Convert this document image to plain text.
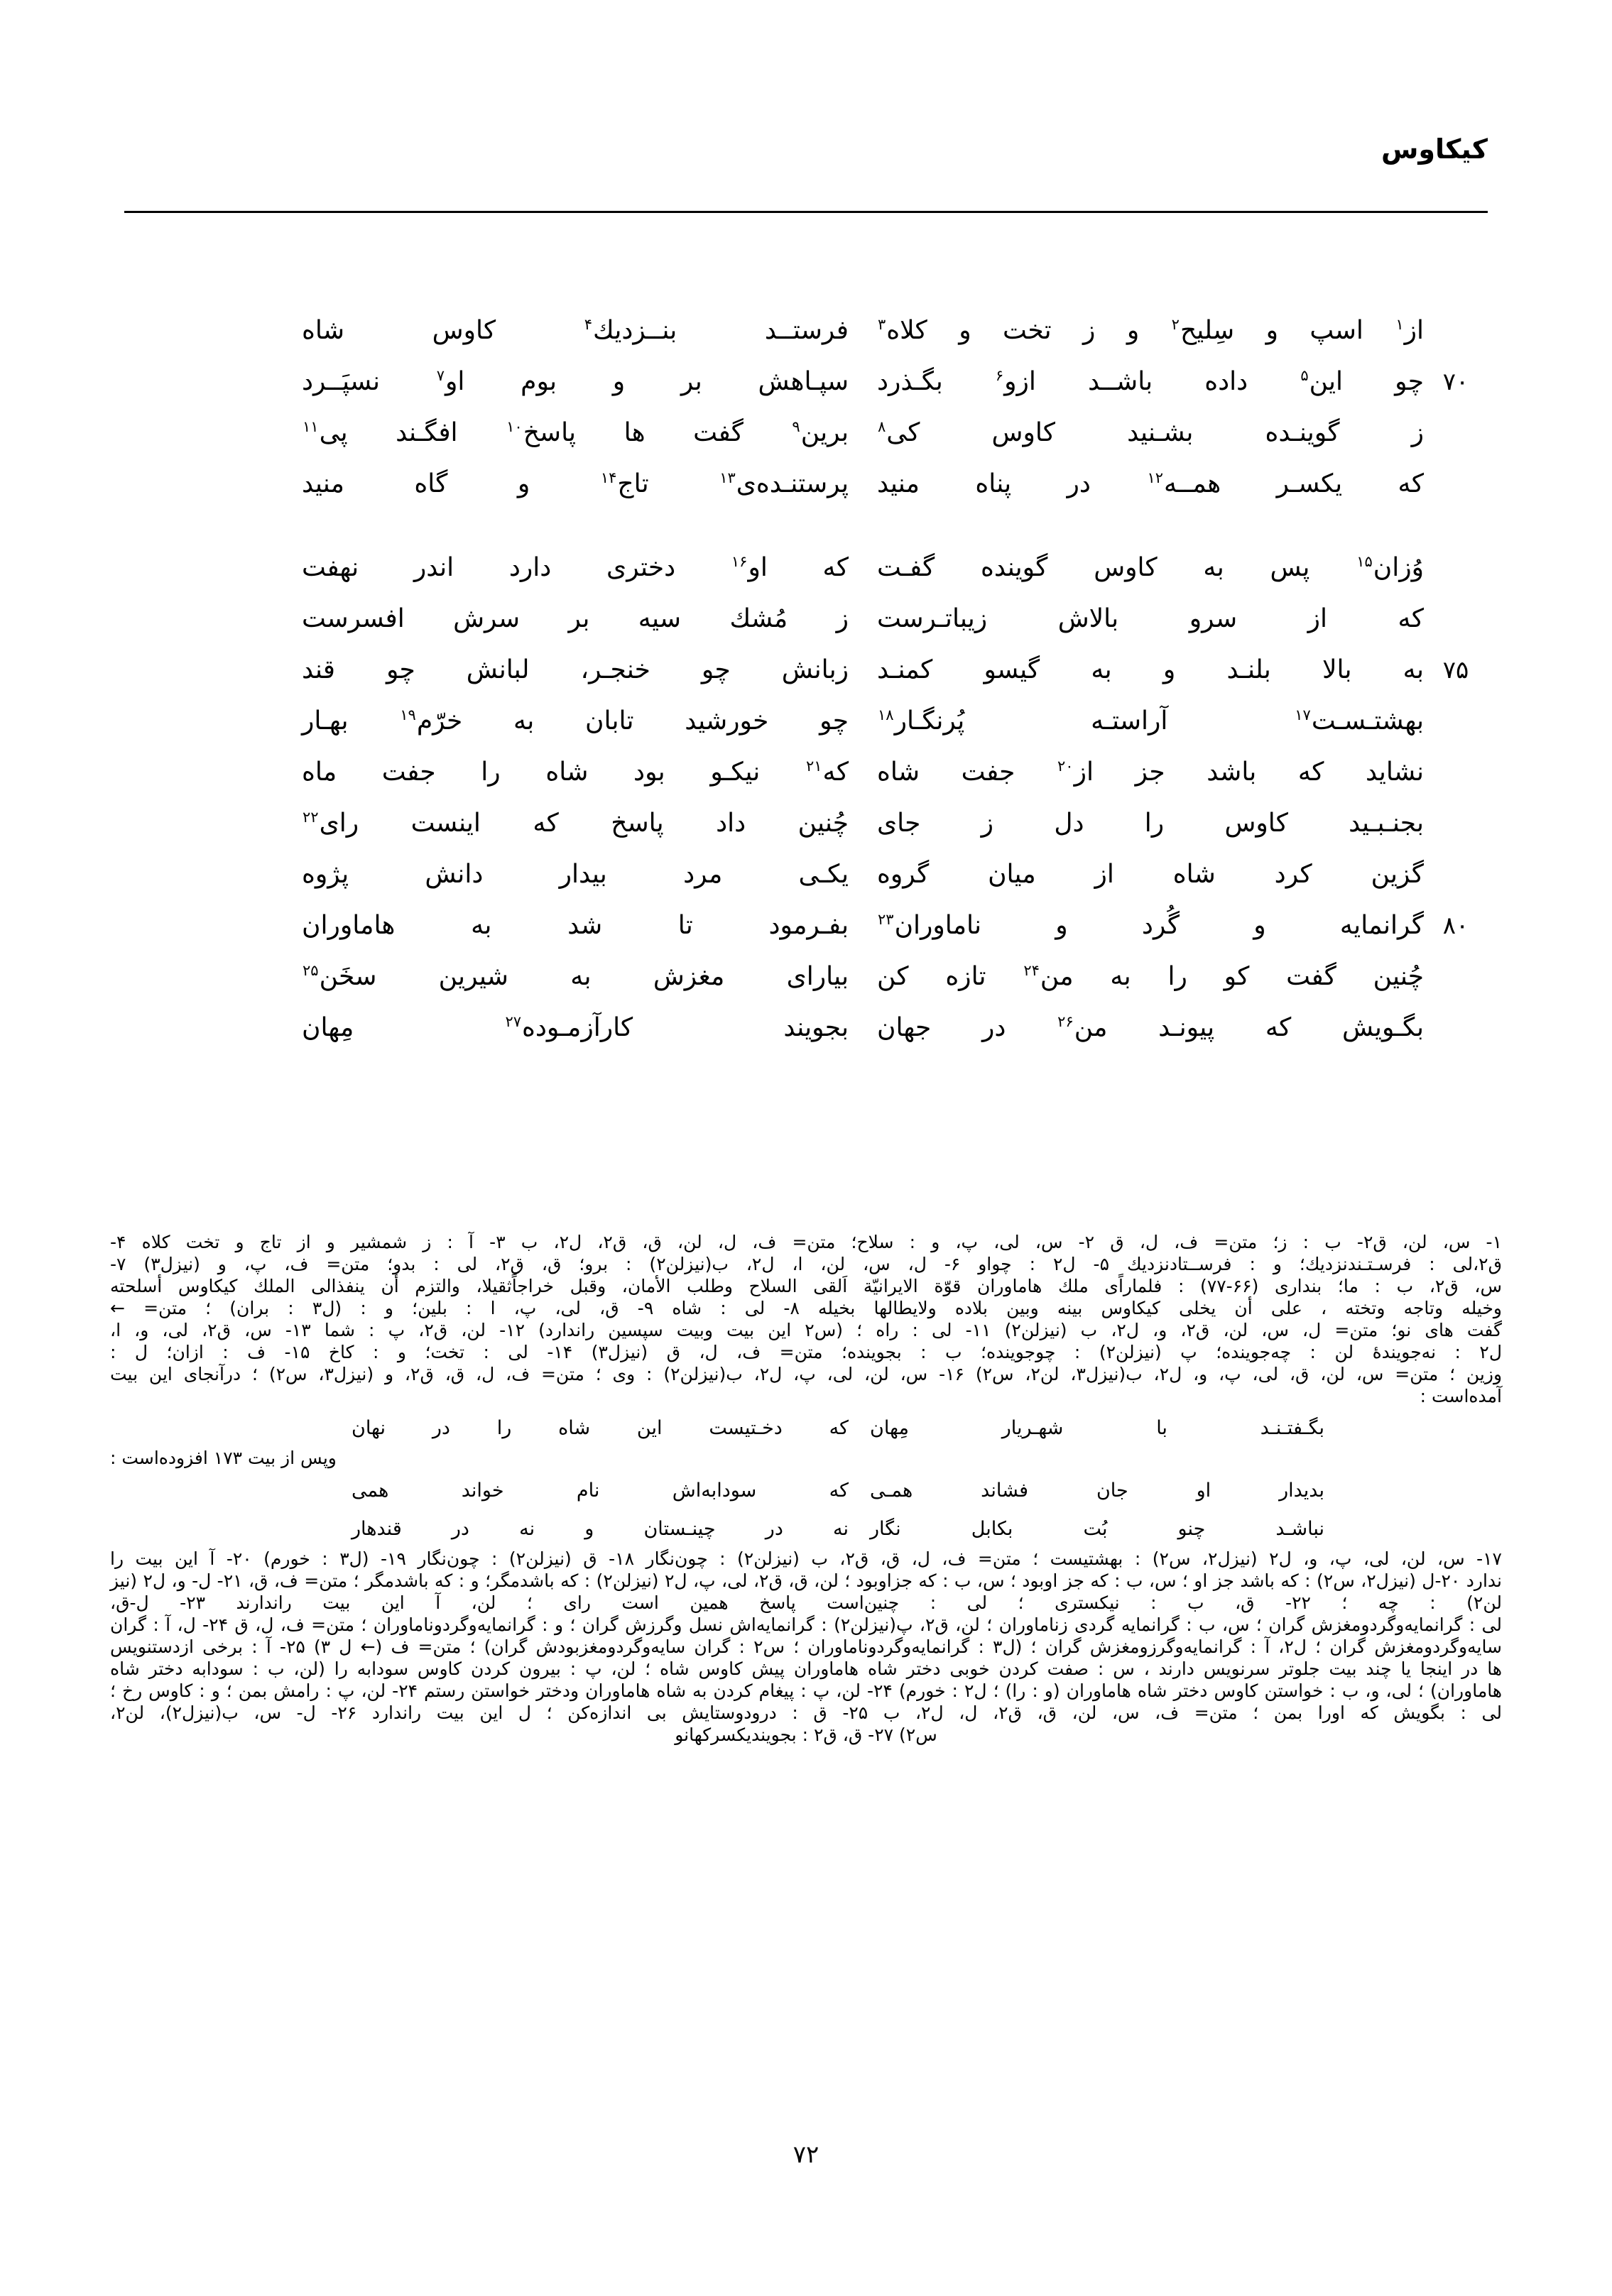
کیکاوس
از$^۱$ اسپ و سِلیح$^۲$ و ز تخت و کلاه$^۳$
فرستــد بنــزدیك$^۴$ كاوس شاه
۷۰
چو این$^۵$ داده باشــد ازو$^۶$ بگـذرد
سپـاهش بر و بوم او$^۷$ نسپَــرد
ز گوینـده بشـنید كاوس كی$^۸$
برین$^۹$ گفت ها پاسخ$^{۱۰}$ افگـند پی$^{۱۱}$
كه یكسـر همــه$^{۱۲}$ در پناه منید
پرستنـده‌ی$^{۱۳}$ تاج$^{۱۴}$ و گاه منید
وُزان$^{۱۵}$ پس به كاوس گوینده گفـت
كه او$^{۱۶}$ دختری دارد اندر نهفت
كه از سرو بالاش زیباتـرست
ز مُشك سیه بر سرش افسرست
۷۵
به بالا بلنـد و به گیسو كمنـد
زبانش چو خنجـر، لبانش چو قند
بهشتـسـت$^{۱۷}$ آراستـه پُرنگـار$^{۱۸}$
چو خورشید تابان به خرّم$^{۱۹}$ بهـار
نشاید كه باشد جز از$^{۲۰}$ جفت شاه
كه$^{۲۱}$ نیكـو بود شاه را جفت ماه
بجنـبـید كاوس را دل ز جای
چُنین داد پاسخ كه اینست رای$^{۲۲}$
گزین كرد شاه از میان گروه
یكـی مرد بیدار دانش پژوه
۸۰
گرانمایه و گُرد و ناماوران$^{۲۳}$
بفـرمود تا شد به هاماوران
چُنین گفت كو را به من$^{۲۴}$ تازه كن
بیارای مغزش به شیرین سخَن$^{۲۵}$
بگـویش كه پیونـد من$^{۲۶}$ در جهان
بجویند كارآزمـوده$^{۲۷}$ مِهان
۱- س، لن، ق۲- ب : ز؛ متن= ف، ل، ق ۲- س، لی، پ، و : سلاح؛ متن= ف، ل، لن، ق، ق۲، ل۲، ب ۳- آ : ز شمشیر و از تاج و تخت كلاه ۴-
ق۲،لی : فرسـتـندنزدیك؛ و : فرســتادنزدیك ۵- ل۲ : چواو ۶- ل، س، لن، ا، ل۲، ب(نیزلن۲) : برو؛ ق، ق۲، لی : بدو؛ متن= ف، پ، و (نیزل۳) ۷-
س، ق۲، ب : ما؛ بنداری (۶۶-۷۷) : فلماراًی ملك هاماوران قوّة الایرانیّة اَلقی السلاح وطلب الأمان، وقبل خراجاًثقیلا، والتزم أن ینفذالی الملك كیكاوس أسلحته
وخیله وتاجه وتخته ، علی أن یخلی كیكاوس بینه وبین بلاده ولایطالها بخیله ۸- لی : شاه ۹- ق، لی، پ، ا : بلین؛ و : (ل۳ : بران) ؛ متن= ←
گفت های نو؛ متن= ل، س، لن، ق۲، و، ل۲، ب (نیزلن۲) ۱۱- لی : راه ؛ (س۲ این بیت وبیت سپسین راندارد) ۱۲- لن، ق۲، پ : شما ۱۳- س، ق۲، لی، و، ا،
ل۲ : نه‌جوینده‌ٔ لن : چه‌جوینده؛ پ (نیزلن۲) : چوجوینده؛ ب : بجوینده؛ متن= ف، ل، ق (نیزل۳) ۱۴- لی : تخت؛ و : كاخ ۱۵- ف : ازان؛ ل :
وزین ؛ متن= س، لن، ق، لی، پ، و، ل۲، ب(نیزل۳، لن۲، س۲) ۱۶- س، لن، لی، پ، ل۲، ب(نیزلن۲) : وی ؛ متن= ف، ل، ق، ق۲، و (نیزل۳، س۲) ؛ درآنجای این بیت
آمده‌است :
بگـفتـنـد با شهـریار مِهان
كه دخـتیست این شاه را در نهان
وپس از بیت ۱۷۳ افزوده‌است :
بدیدار او جان فشاند همـی
كه سودابه‌اش نام خواند همی
نباشـد چنو بُت بكابل نگار
نه در چینـستان و نه در قندهار
۱۷- س، لن، لی، پ، و، ل۲ (نیزل۲، س۲) : بهشتیست ؛ متن= ف، ل، ق، ق۲، ب (نیزلن۲) : چون‌نگار ۱۸- ق (نیزلن۲) : چون‌نگار ۱۹- (ل۳ : خورم) ۲۰- آ این بیت را
ندارد ۲۰-ل (نیزل۲، س۲) : كه باشد جز او ؛ س، ب : كه جز اوبود ؛ س، ب : كه جزاوبود ؛ لن، ق، ق۲، لی، پ، ل۲ (نیزلن۲) : كه باشدمگر؛ و : كه باشدمگر ؛ متن= ف، ق، ۲۱- ل- و، ل۲ (نیز
لن۲) : چه ؛ ۲۲- ق، ب : نیكستری ؛ لی : چنین‌است پاسخ همین است رای ؛ لن، آ این بیت راندارند ۲۳- ل-ق،
لی : گرانمایه‌وگردومغزش گران ؛ س، ب : گرانمایه گردی زناماوران ؛ لن، ق۲، پ(نیزلن۲) : گرانمایه‌اش نسل وگرزش گران ؛ و : گرانمایه‌وگردوناماوران ؛ متن= ف، ل، ق ۲۴- ل، آ : گران
سایه‌وگردومغزش گران ؛ ل۲، آ : گرانمایه‌وگرزومغزش گران ؛ (ل۳ : گرانمایه‌وگردوناماوران ؛ س۲ : گران سایه‌وگردومغزبودش گران) ؛ متن= ف (← ل ۳) ۲۵- آ : برخی ازدستنویس
ها در اینجا یا چند بیت جلوتر سرنویس دارند ، س : صفت كردن خوبی دختر شاه هاماوران پیش كاوس شاه ؛ لن، پ : بیرون كردن كاوس سودابه را (لن، ب : سودابه دختر شاه
هاماوران) ؛ لی، و، ب : خواستن كاوس دختر شاه هاماوران (و : را) ؛ ل۲ : خورم) ۲۴- لن، پ : پیغام كردن به شاه هاماوران ودختر خواستن رستم ۲۴- لن، پ : رامش بمن ؛ و : كاوس رخ ؛
لی : بگویش كه اورا بمن ؛ متن= ف، س، لن، ق، ق۲، ل، ل۲، ب ۲۵- ق : درودوستایش بی اندازه‌كن ؛ ل این بیت راندارد ۲۶- ل- س، ب(نیزل۲)، لن۲،
س۲) ۲۷- ق، ق۲ : بجویندیكسركهانو
۷۲
